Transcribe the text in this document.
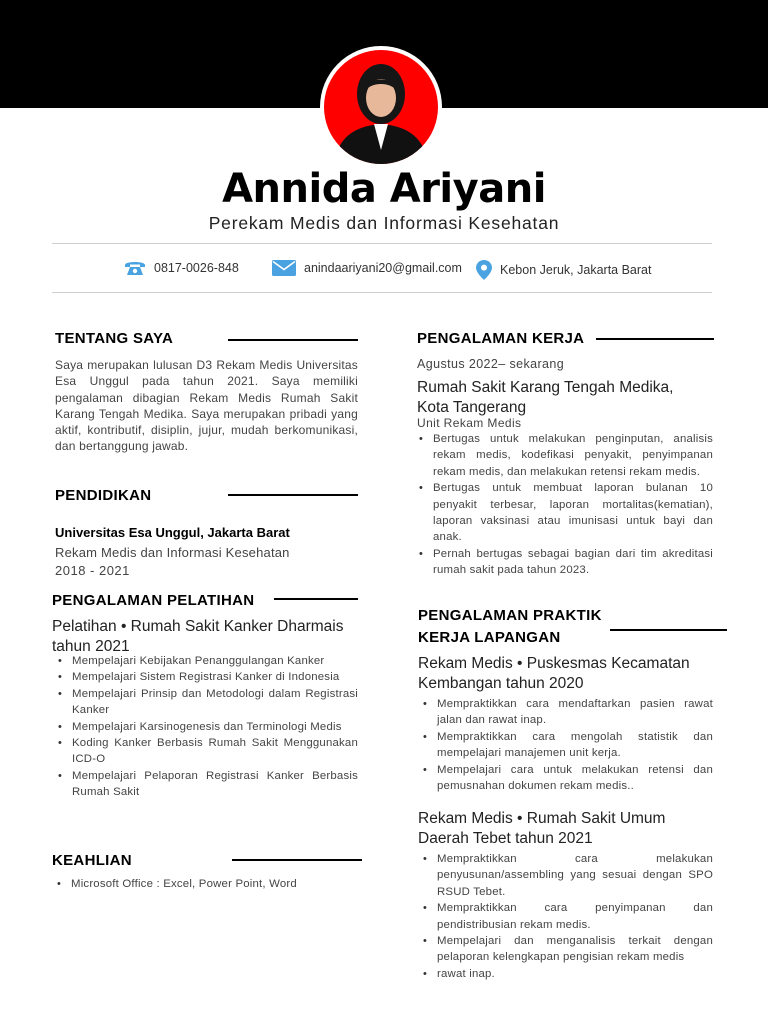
Annida Ariyani
Perekam Medis dan Informasi Kesehatan
0817-0026-848	anindaariyani20@gmail.com	Kebon Jeruk, Jakarta Barat
TENTANG SAYA
Saya merupakan lulusan D3 Rekam Medis Universitas Esa Unggul pada tahun 2021. Saya memiliki pengalaman dibagian Rekam Medis Rumah Sakit Karang Tengah Medika. Saya merupakan pribadi yang aktif, kontributif, disiplin, jujur, mudah berkomunikasi, dan bertanggung jawab.
PENDIDIKAN
Universitas Esa Unggul, Jakarta Barat
Rekam Medis dan Informasi Kesehatan
2018 - 2021
PENGALAMAN PELATIHAN
Pelatihan • Rumah Sakit Kanker Dharmais tahun 2021
• Mempelajari Kebijakan Penanggulangan Kanker
• Mempelajari Sistem Registrasi Kanker di Indonesia
• Mempelajari Prinsip dan Metodologi dalam Registrasi Kanker
• Mempelajari Karsinogenesis dan Terminologi Medis
• Koding Kanker Berbasis Rumah Sakit Menggunakan ICD-O
• Mempelajari Pelaporan Registrasi Kanker Berbasis Rumah Sakit
KEAHLIAN
• Microsoft Office : Excel, Power Point, Word
PENGALAMAN KERJA
Agustus 2022– sekarang
Rumah Sakit Karang Tengah Medika, Kota Tangerang
Unit Rekam Medis
• Bertugas untuk melakukan penginputan, analisis rekam medis, kodefikasi penyakit, penyimpanan rekam medis, dan melakukan retensi rekam medis.
• Bertugas untuk membuat laporan bulanan 10 penyakit terbesar, laporan mortalitas(kematian), laporan vaksinasi atau imunisasi untuk bayi dan anak.
• Pernah bertugas sebagai bagian dari tim akreditasi rumah sakit pada tahun 2023.
PENGALAMAN PRAKTIK KERJA LAPANGAN
Rekam Medis • Puskesmas Kecamatan Kembangan tahun 2020
• Mempraktikkan cara mendaftarkan pasien rawat jalan dan rawat inap.
• Mempraktikkan cara mengolah statistik dan mempelajari manajemen unit kerja.
• Mempelajari cara untuk melakukan retensi dan pemusnahan dokumen rekam medis..
Rekam Medis • Rumah Sakit Umum Daerah Tebet tahun 2021
• Mempraktikkan cara melakukan penyusunan/assembling yang sesuai dengan SPO RSUD Tebet.
• Mempraktikkan cara penyimpanan dan pendistribusian rekam medis.
• Mempelajari dan menganalisis terkait dengan pelaporan kelengkapan pengisian rekam medis
• rawat inap.
